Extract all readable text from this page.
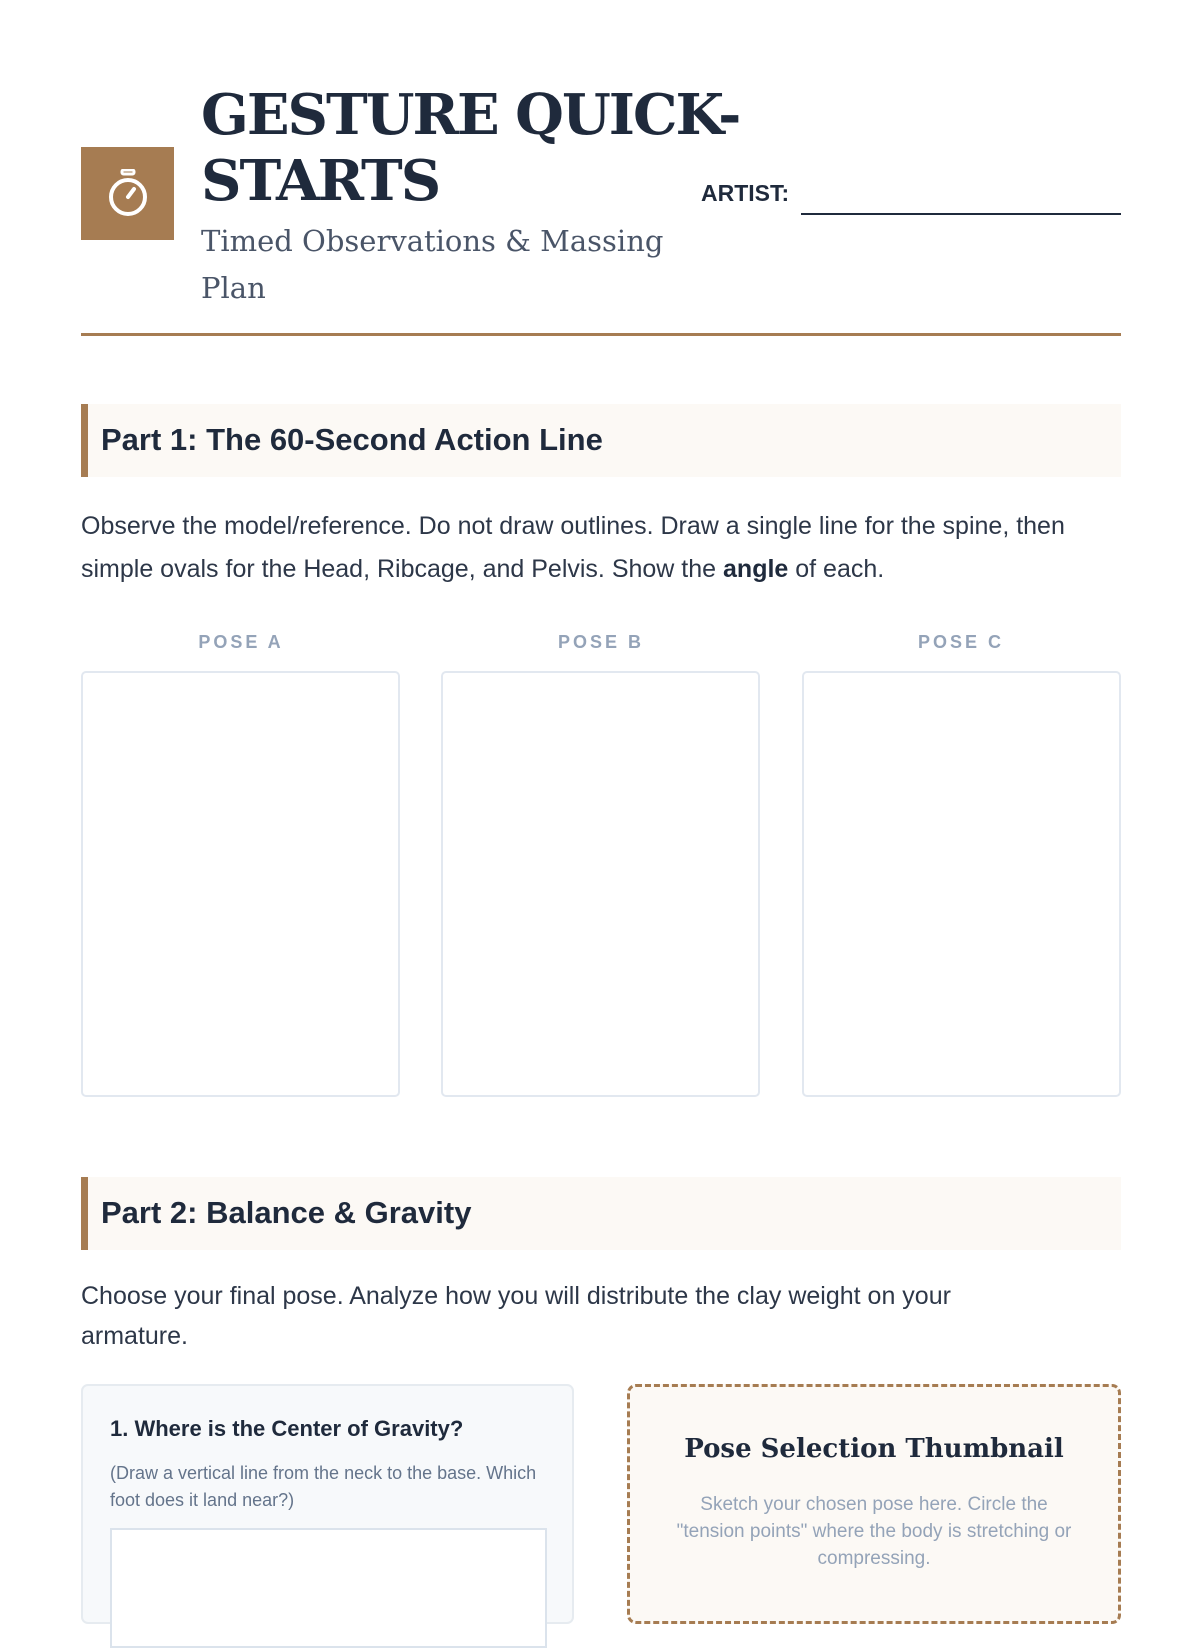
GESTURE QUICK-STARTS

Timed Observations & Massing Plan

ARTIST:
Part 1: The 60-Second Action Line

Observe the model/reference. Do not draw outlines. Draw a single line for the spine, then simple ovals for the Head, Ribcage, and Pelvis. Show the angle of each.

POSE A	POSE B	POSE C
Part 2: Balance & Gravity

Choose your final pose. Analyze how you will distribute the clay weight on your armature.

1. Where is the Center of Gravity?
(Draw a vertical line from the neck to the base. Which foot does it land near?)
Pose Selection Thumbnail
Sketch your chosen pose here. Circle the "tension points" where the body is stretching or compressing.
